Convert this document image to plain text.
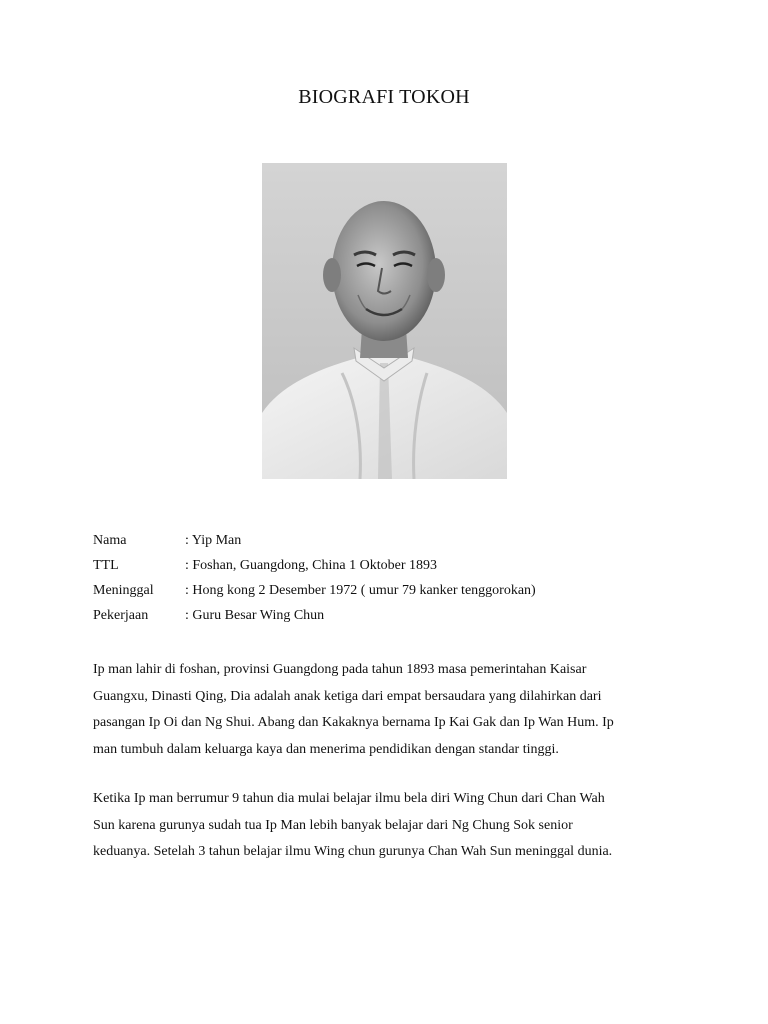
BIOGRAFI TOKOH
Nama	: Yip Man
TTL	: Foshan, Guangdong, China 1 Oktober 1893
Meninggal	: Hong kong 2 Desember 1972 ( umur 79 kanker tenggorokan)
Pekerjaan	: Guru Besar Wing Chun

Ip man lahir di foshan, provinsi Guangdong pada tahun 1893 masa pemerintahan Kaisar
Guangxu, Dinasti Qing, Dia adalah anak ketiga dari empat bersaudara yang dilahirkan dari
pasangan Ip Oi dan Ng Shui. Abang dan Kakaknya bernama Ip Kai Gak dan Ip Wan Hum. Ip
man tumbuh dalam keluarga kaya dan menerima pendidikan dengan standar tinggi.

Ketika Ip man berrumur 9 tahun dia mulai belajar ilmu bela diri Wing Chun dari Chan Wah
Sun karena gurunya sudah tua Ip Man lebih banyak belajar dari Ng Chung Sok senior
keduanya. Setelah 3 tahun belajar ilmu Wing chun gurunya Chan Wah Sun meninggal dunia.
